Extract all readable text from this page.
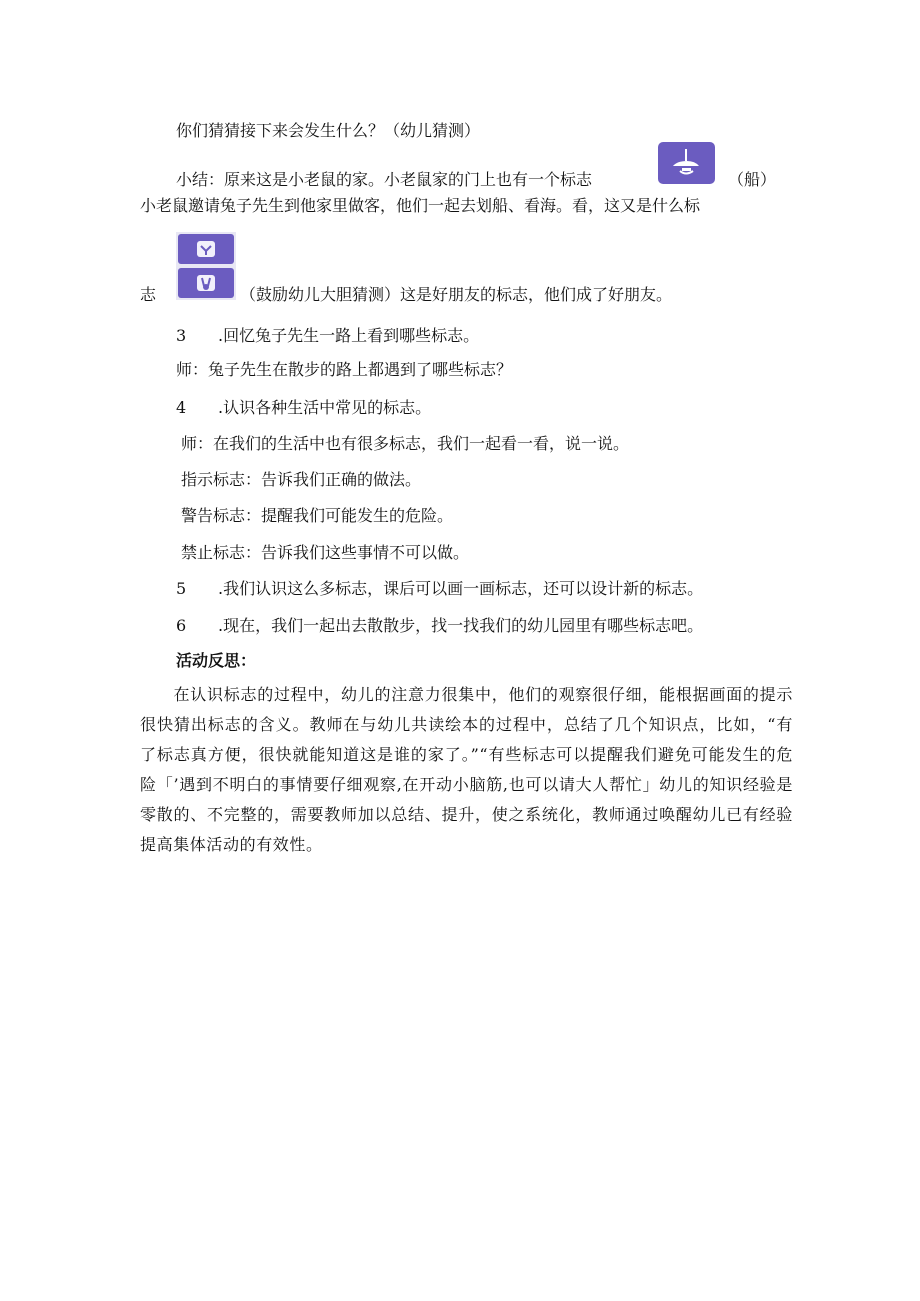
你们猜猜接下来会发生什么？（幼儿猜测）
小结：原来这是小老鼠的家。小老鼠家的门上也有一个标志	（船）
小老鼠邀请兔子先生到他家里做客，他们一起去划船、看海。看，这又是什么标
志	（鼓励幼儿大胆猜测）这是好朋友的标志，他们成了好朋友。
3 .回忆兔子先生一路上看到哪些标志。
师：兔子先生在散步的路上都遇到了哪些标志？
4 .认识各种生活中常见的标志。
师：在我们的生活中也有很多标志，我们一起看一看，说一说。
指示标志：告诉我们正确的做法。
警告标志：提醒我们可能发生的危险。
禁止标志：告诉我们这些事情不可以做。
5 .我们认识这么多标志，课后可以画一画标志，还可以设计新的标志。
6 .现在，我们一起出去散散步，找一找我们的幼儿园里有哪些标志吧。
活动反思：
　　在认识标志的过程中，幼儿的注意力很集中，他们的观察很仔细，能根据画面的提示很快猜出标志的含义。教师在与幼儿共读绘本的过程中，总结了几个知识点，比如，“有了标志真方便，很快就能知道这是谁的家了。”“有些标志可以提醒我们避免可能发生的危险「’遇到不明白的事情要仔细观察,在开动小脑筋,也可以请大人帮忙」幼儿的知识经验是零散的、不完整的，需要教师加以总结、提升，使之系统化，教师通过唤醒幼儿已有经验提高集体活动的有效性。
